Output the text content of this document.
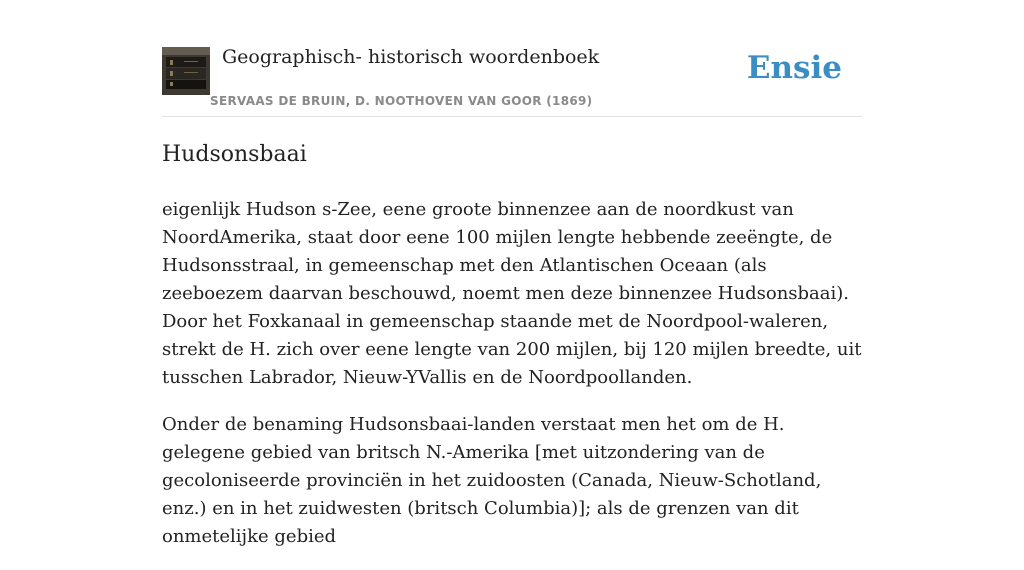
Geographisch- historisch woordenboek
SERVAAS DE BRUIN, D. NOOTHOVEN VAN GOOR (1869)
Ensie
Hudsonsbaai

eigenlijk Hudson s-Zee, eene groote binnenzee aan de noordkust van NoordAmerika, staat door eene 100 mijlen lengte hebbende zeeëngte, de Hudsonsstraal, in gemeenschap met den Atlantischen Oceaan (als zeeboezem daarvan beschouwd, noemt men deze binnenzee Hudsonsbaai). Door het Foxkanaal in gemeenschap staande met de Noordpool-waleren, strekt de H. zich over eene lengte van 200 mijlen, bij 120 mijlen breedte, uit tusschen Labrador, Nieuw-YVallis en de Noordpoollanden.

Onder de benaming Hudsonsbaai-landen verstaat men het om de H. gelegene gebied van britsch N.-Amerika [met uitzondering van de gecoloniseerde provinciën in het zuidoosten (Canada, Nieuw-Schotland, enz.) en in het zuidwesten (britsch Columbia)]; als de grenzen van dit onmetelijke gebied
